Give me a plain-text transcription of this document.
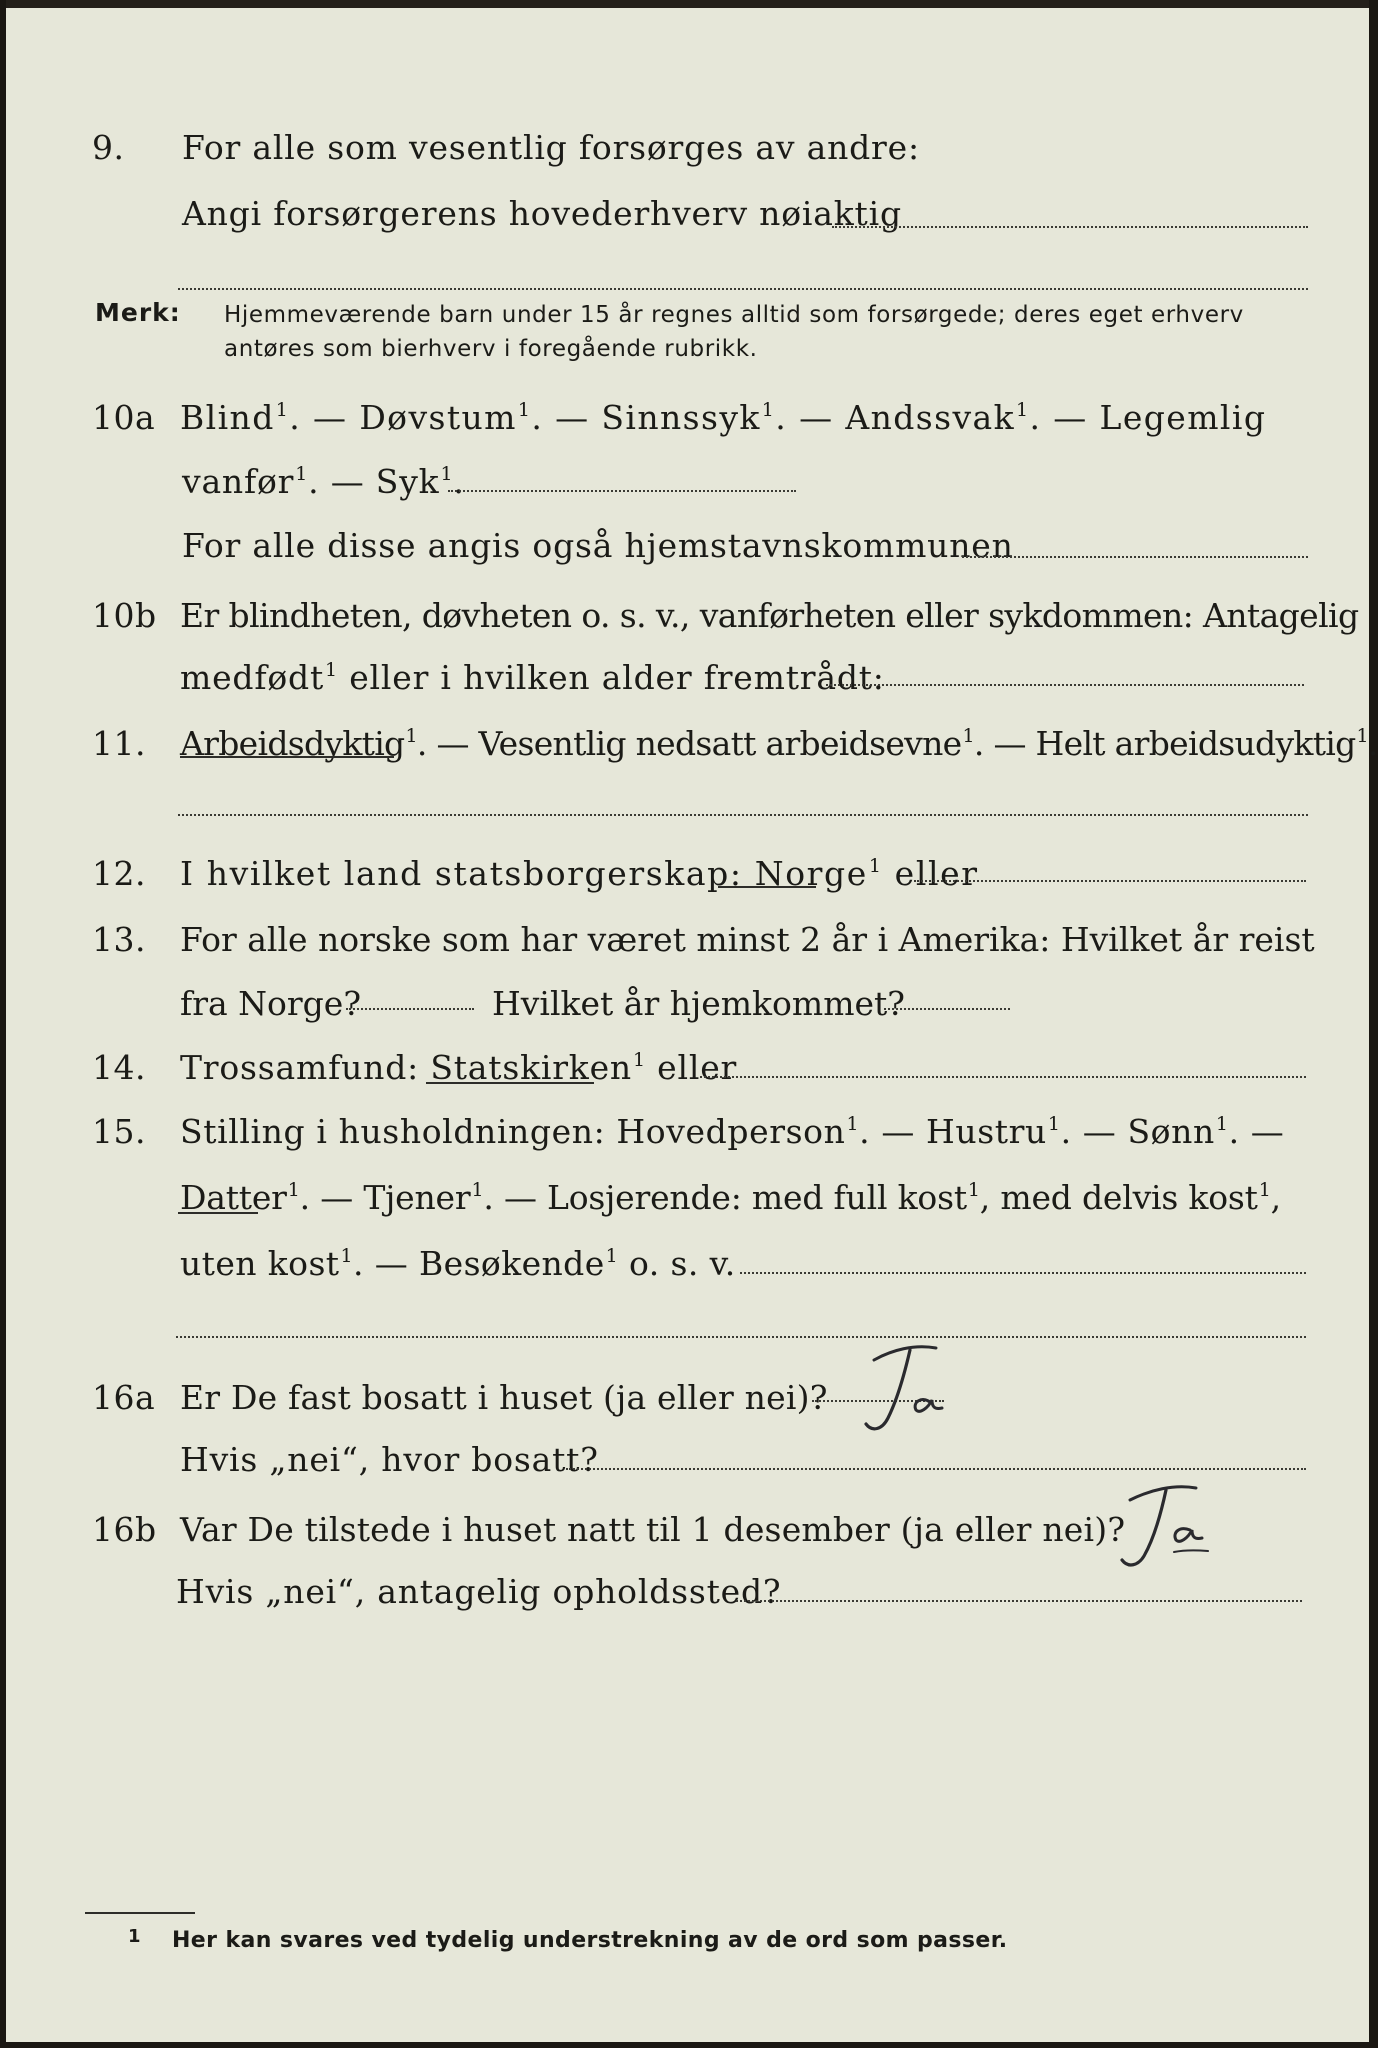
9. For alle som vesentlig forsørges av andre:
Angi forsørgerens hovederhverv nøiaktig
Merk: Hjemmeværende barn under 15 år regnes alltid som forsørgede; deres eget erhverv
antøres som bierhverv i foregående rubrikk.
10a Blind$^1$. — Døvstum$^1$. — Sinnssyk$^1$. — Andssvak$^1$. — Legemlig
vanfør$^1$. — Syk$^1$.
For alle disse angis også hjemstavnskommunen
10b Er blindheten, døvheten o. s. v., vanførheten eller sykdommen: Antagelig
medfødt$^1$ eller i hvilken alder fremtrådt:
11. Arbeidsdyktig$^1$. — Vesentlig nedsatt arbeidsevne$^1$. — Helt arbeidsudyktig$^1$.
12. I hvilket land statsborgerskap: Norge$^1$ eller
13. For alle norske som har været minst 2 år i Amerika: Hvilket år reist
fra Norge?	Hvilket år hjemkommet?
14. Trossamfund: Statskirken$^1$ eller
15. Stilling i husholdningen: Hovedperson$^1$. — Hustru$^1$. — Sønn$^1$. —
Datter$^1$. — Tjener$^1$. — Losjerende: med full kost$^1$, med delvis kost$^1$,
uten kost$^1$. — Besøkende$^1$ o. s. v.
16a Er De fast bosatt i huset (ja eller nei)?
Hvis „nei“, hvor bosatt?
16b Var De tilstede i huset natt til 1 desember (ja eller nei)?
Hvis „nei“, antagelig opholdssted?
1 Her kan svares ved tydelig understrekning av de ord som passer.
